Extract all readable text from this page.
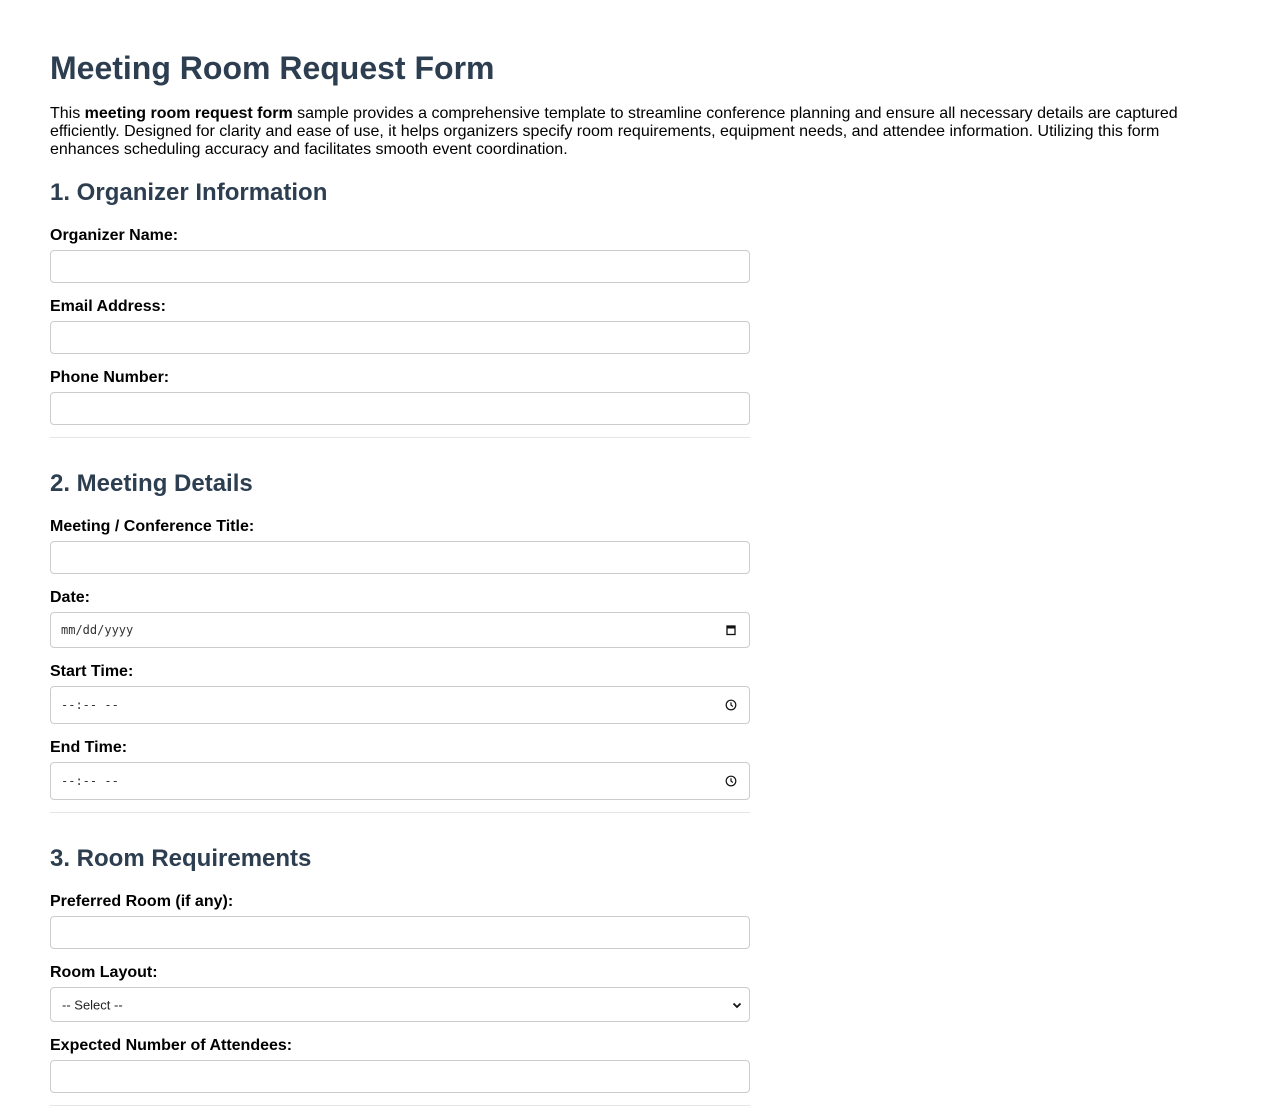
Meeting Room Request Form

This meeting room request form sample provides a comprehensive template to streamline conference planning and ensure all necessary details are captured efficiently. Designed for clarity and ease of use, it helps organizers specify room requirements, equipment needs, and attendee information. Utilizing this form enhances scheduling accuracy and facilitates smooth event coordination.

1. Organizer Information
Organizer Name:
Email Address:
Phone Number:
2. Meeting Details
Meeting / Conference Title:
Date:
mm/dd/yyyy
Start Time:
--:-- --
End Time:
--:-- --
3. Room Requirements
Preferred Room (if any):
Room Layout:
-- Select --
Expected Number of Attendees:
